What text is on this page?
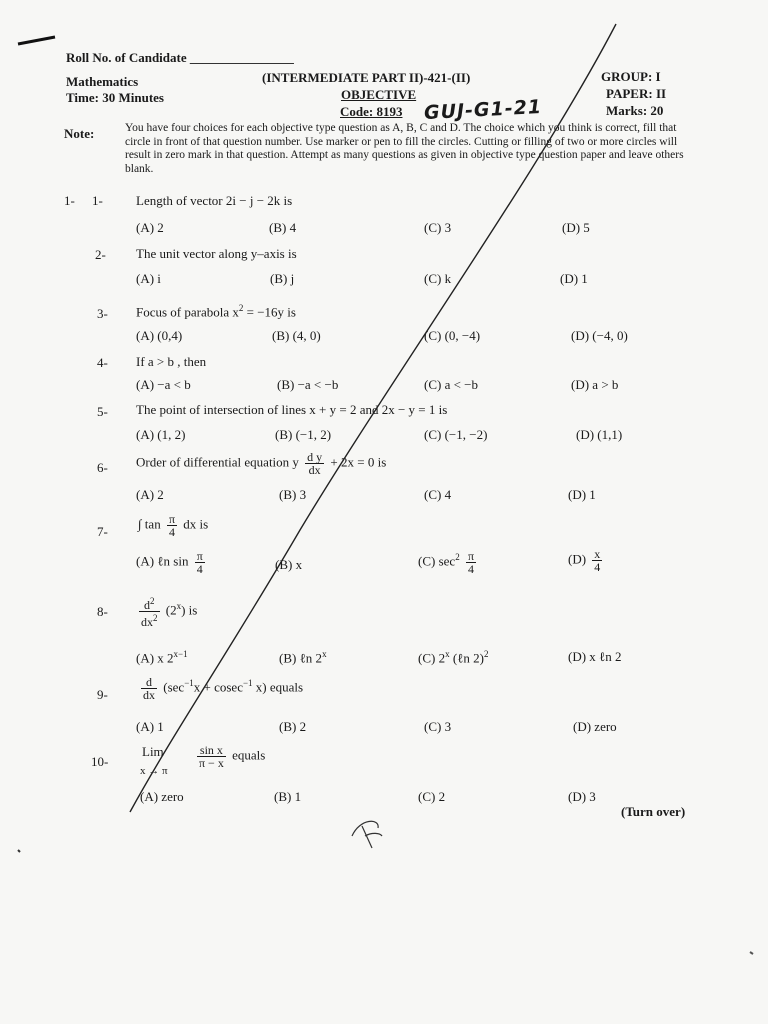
Roll No. of Candidate ________________
Mathematics
Time: 30 Minutes
(INTERMEDIATE PART II)-421-(II)
OBJECTIVE
Code: 8193 GUJ-G1-21
GROUP: I
PAPER: II
Marks: 20
Note:	You have four choices for each objective type question as A, B, C and D. The choice which you think is correct, fill that circle in front of that question number. Use marker or pen to fill the circles. Cutting or filling of two or more circles will result in zero mark in that question. Attempt as many questions as given in objective type question paper and leave others blank.
1- 1-	Length of vector 2i − j − 2k is
(A) 2	(B) 4	(C) 3	(D) 5
2- The unit vector along y–axis is
(A) i	(B) j	(C) k	(D) 1
3- Focus of parabola $x^2 = -16y$ is
(A) (0,4)	(B) (4, 0)	(C) (0, −4)	(D) (−4, 0)
4- If a > b , then
(A) −a < b	(B) −a < −b	(C) a < −b	(D) a > b
5- The point of intersection of lines x + y = 2 and 2x − y = 1 is
(A) (1, 2)	(B) (−1, 2)	(C) (−1, −2)	(D) (1,1)
6- Order of differential equation y $\frac{\text{d y}}{dx} + 2x = 0$ is
(A) 2	(B) 3	(C) 4	(D) 1
7-
∫ $\tan \frac{\pi}{4}$ dx is
(A) ℓn $\sin \frac{\pi}{4}$	(B) x	(C) $\sec^2 \frac{\pi}{4}$	$(D) \frac{x}{4}$
8-	$\frac{d^2}{dx^2} (2^x)$ is
(A) x $2^{x-1}$	(B) ℓn 2$^x$	(C) 2$^x$ (ℓn 2)$^2$	(D) x ℓn 2
9-	$\frac{d}{dx} (\sec^{-1}x + cosec^{-1}$ x) equals
(A) 1	(B) 2	(C) 3	(D) zero
10-
Lim
x → π
$\frac{\text{sin x}}{\pi - x}$ equals
(A) zero	(B) 1	(C) 2	(D) 3
(Turn over)
